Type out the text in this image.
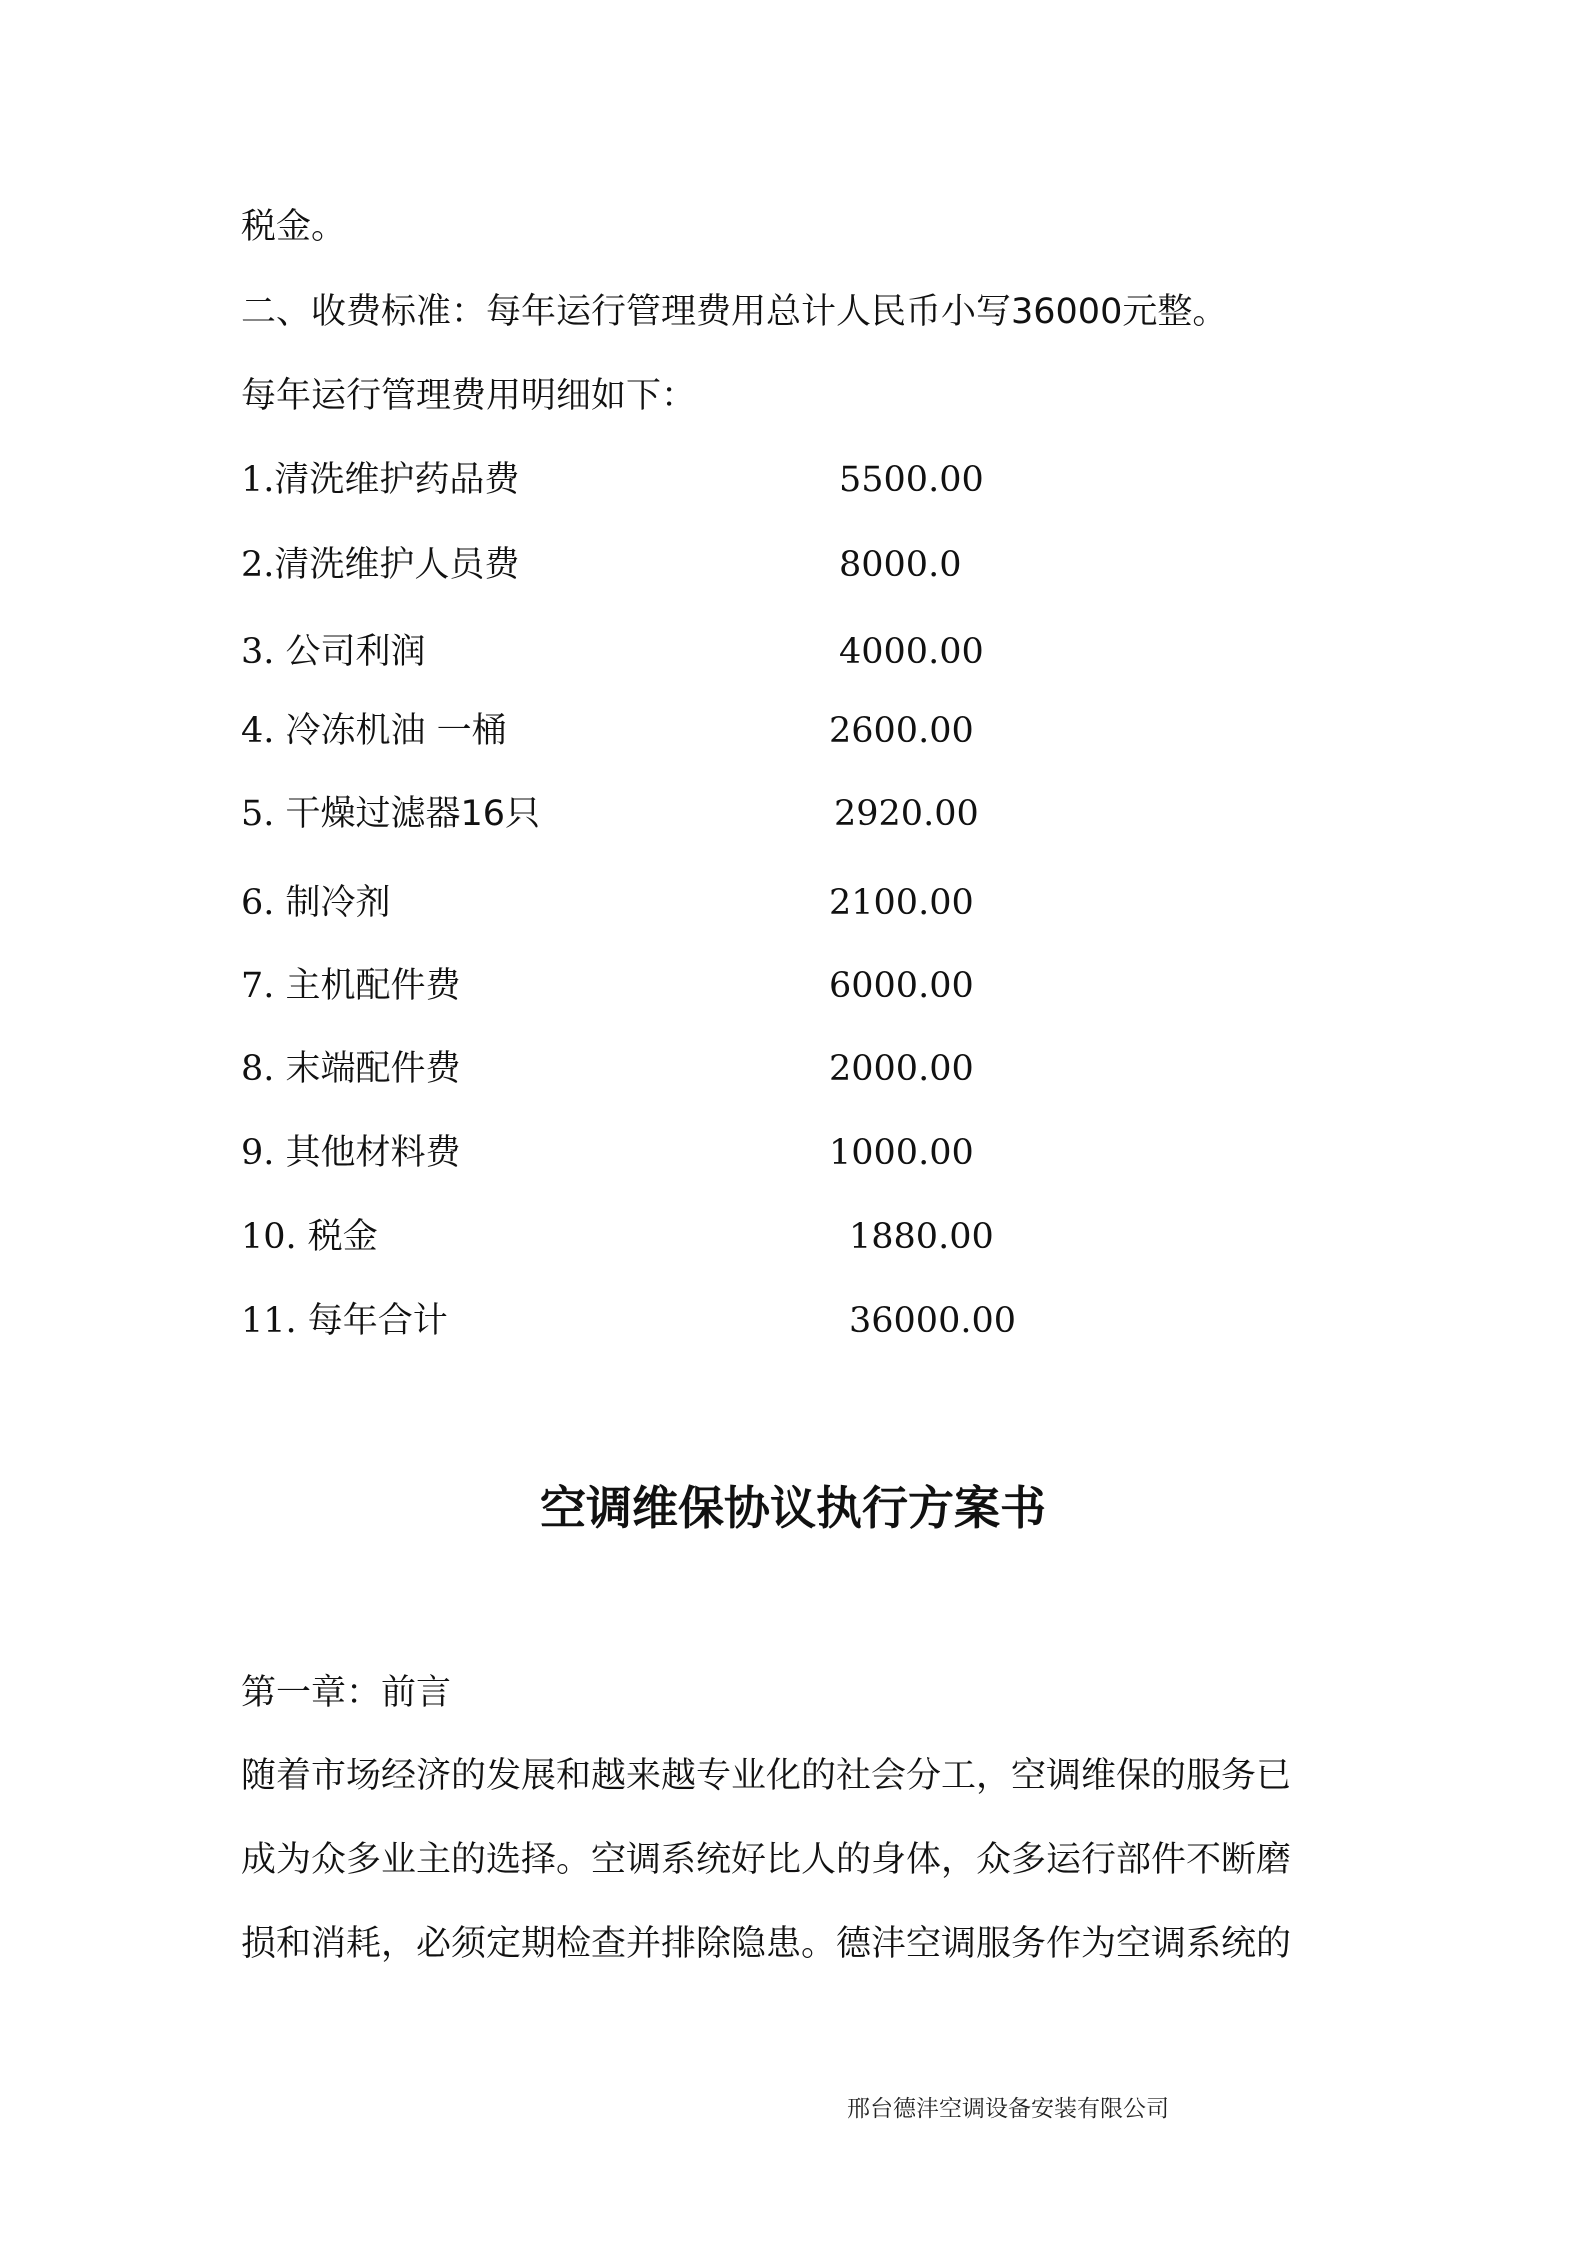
税金。
二、收费标准：每年运行管理费用总计人民币小写36000元整。
每年运行管理费用明细如下：
1.清洗维护药品费	5500.00
2.清洗维护人员费	8000.0
3. 公司利润	4000.00
4. 冷冻机油 一桶	2600.00
5. 干燥过滤器16只	2920.00
6. 制冷剂	2100.00
7. 主机配件费	6000.00
8. 末端配件费	2000.00
9. 其他材料费	1000.00
10. 税金	1880.00
11. 每年合计	36000.00
空调维保协议执行方案书
第一章：前言
随着市场经济的发展和越来越专业化的社会分工，空调维保的服务已
成为众多业主的选择。空调系统好比人的身体，众多运行部件不断磨
损和消耗，必须定期检查并排除隐患。德沣空调服务作为空调系统的
邢台德沣空调设备安装有限公司
